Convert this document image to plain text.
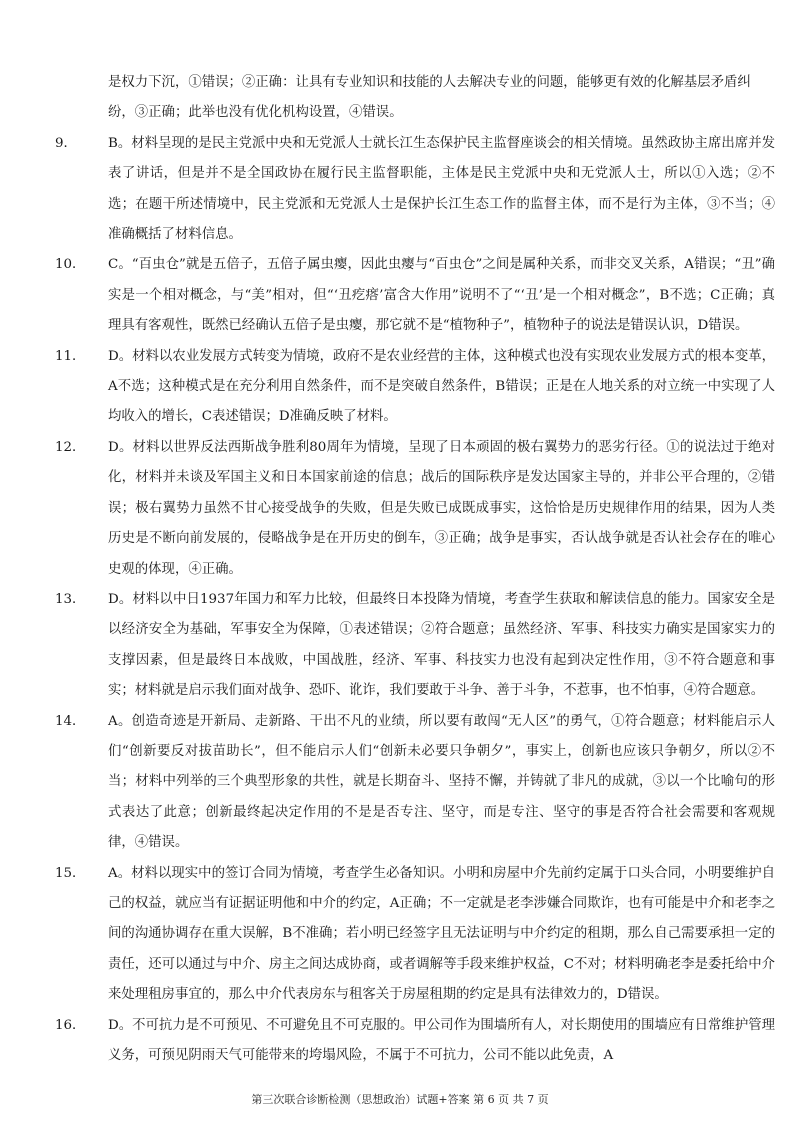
是权力下沉，①错误；②正确：让具有专业知识和技能的人去解决专业的问题，能够更有效的化解基层矛盾纠纷，③正确；此举也没有优化机构设置，④错误。

9．	B。材料呈现的是民主党派中央和无党派人士就长江生态保护民主监督座谈会的相关情境。虽然政协主席出席并发表了讲话，但是并不是全国政协在履行民主监督职能，主体是民主党派中央和无党派人士，所以①入选；②不选；在题干所述情境中，民主党派和无党派人士是保护长江生态工作的监督主体，而不是行为主体，③不当；④准确概括了材料信息。
10．	C。“百虫仓”就是五倍子，五倍子属虫瘿，因此虫瘿与“百虫仓”之间是属种关系，而非交叉关系，A错误；“丑”确实是一个相对概念，与“美”相对，但“‘丑疙瘩’富含大作用”说明不了“‘丑’是一个相对概念”，B不选；C正确；真理具有客观性，既然已经确认五倍子是虫瘿，那它就不是“植物种子”，植物种子的说法是错误认识，D错误。
11．	D。材料以农业发展方式转变为情境，政府不是农业经营的主体，这种模式也没有实现农业发展方式的根本变革，A不选；这种模式是在充分利用自然条件，而不是突破自然条件，B错误；正是在人地关系的对立统一中实现了人均收入的增长，C表述错误；D准确反映了材料。
12．	D。材料以世界反法西斯战争胜利80周年为情境，呈现了日本顽固的极右翼势力的恶劣行径。①的说法过于绝对化，材料并未谈及军国主义和日本国家前途的信息；战后的国际秩序是发达国家主导的，并非公平合理的，②错误；极右翼势力虽然不甘心接受战争的失败，但是失败已成既成事实，这恰恰是历史规律作用的结果，因为人类历史是不断向前发展的，侵略战争是在开历史的倒车，③正确；战争是事实，否认战争就是否认社会存在的唯心史观的体现，④正确。
13．	D。材料以中日1937年国力和军力比较，但最终日本投降为情境，考查学生获取和解读信息的能力。国家安全是以经济安全为基础，军事安全为保障，①表述错误；②符合题意；虽然经济、军事、科技实力确实是国家实力的支撑因素，但是最终日本战败，中国战胜，经济、军事、科技实力也没有起到决定性作用，③不符合题意和事实；材料就是启示我们面对战争、恐吓、讹诈，我们要敢于斗争、善于斗争，不惹事，也不怕事，④符合题意。
14．	A。创造奇迹是开新局、走新路、干出不凡的业绩，所以要有敢闯“无人区”的勇气，①符合题意；材料能启示人们“创新要反对拔苗助长”，但不能启示人们“创新未必要只争朝夕”，事实上，创新也应该只争朝夕，所以②不当；材料中列举的三个典型形象的共性，就是长期奋斗、坚持不懈，并铸就了非凡的成就，③以一个比喻句的形式表达了此意；创新最终起决定作用的不是是否专注、坚守，而是专注、坚守的事是否符合社会需要和客观规律，④错误。
15．	A。材料以现实中的签订合同为情境，考查学生必备知识。小明和房屋中介先前约定属于口头合同，小明要维护自己的权益，就应当有证据证明他和中介的约定，A正确；不一定就是老李涉嫌合同欺诈，也有可能是中介和老李之间的沟通协调存在重大误解，B不准确；若小明已经签字且无法证明与中介约定的租期，那么自己需要承担一定的责任，还可以通过与中介、房主之间达成协商，或者调解等手段来维护权益，C不对；材料明确老李是委托给中介来处理租房事宜的，那么中介代表房东与租客关于房屋租期的约定是具有法律效力的，D错误。
16．	D。不可抗力是不可预见、不可避免且不可克服的。甲公司作为围墙所有人，对长期使用的围墙应有日常维护管理义务，可预见阴雨天气可能带来的垮塌风险，不属于不可抗力，公司不能以此免责，A
第三次联合诊断检测（思想政治）试题+答案 第 6 页 共 7 页
